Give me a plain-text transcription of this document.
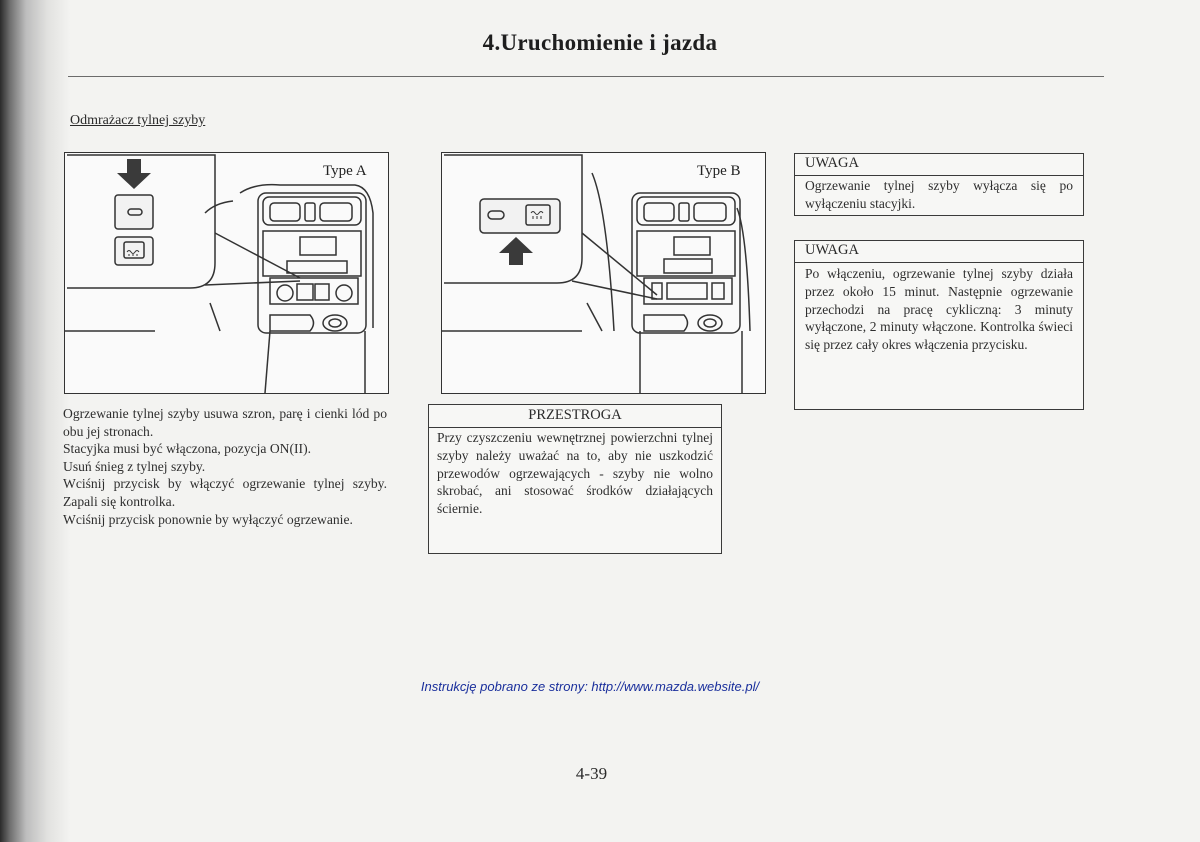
4.Uruchomienie i jazda
Odmrażacz tylnej szyby
Type A	Type B

Ogrzewanie tylnej szyby usuwa szron, parę i cienki lód po obu jej stronach.

Stacyjka musi być włączona, pozycja ON(II).

Usuń śnieg z tylnej szyby.

Wciśnij przycisk by włączyć ogrzewanie tylnej szyby. Zapali się kontrolka.

Wciśnij przycisk ponownie by wyłączyć ogrzewanie.

PRZESTROGA
Przy czyszczeniu wewnętrznej powierzchni tylnej szyby należy uważać na to, aby nie uszkodzić przewodów ogrzewających - szyby nie wolno skrobać, ani stosować środków działających ściernie.
UWAGA
Ogrzewanie tylnej szyby wyłącza się po wyłączeniu stacyjki.
UWAGA
Po włączeniu, ogrzewanie tylnej szyby działa przez około 15 minut. Następnie ogrzewanie przechodzi na pracę cykliczną: 3 minuty wyłączone, 2 minuty włączone. Kontrolka świeci się przez cały okres włączenia przycisku.
Instrukcję pobrano ze strony: http://www.mazda.website.pl/
4-39
